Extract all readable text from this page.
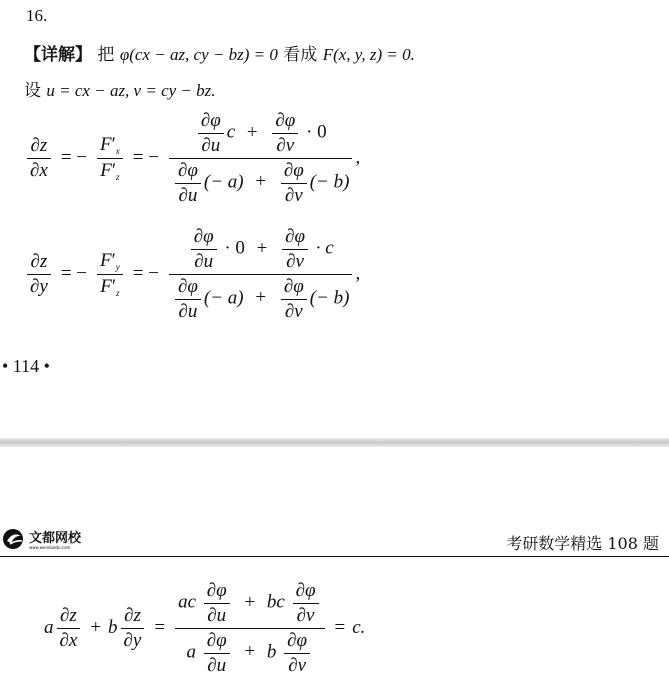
16.
【详解】 把 φ(cx − az, cy − bz) = 0 看成 F(x, y, z) = 0.
设 u = cx − az, v = cy − bz.
$\frac{\partial z}{\partial x}$ = − $\frac{F'_x}{F'_z}$ = − $\frac{\frac{\partial\varphi}{\partial u} c + \frac{\partial\varphi}{\partial v} \cdot 0}{\frac{\partial\varphi}{\partial u} (- a) + \frac{\partial\varphi}{\partial v} (- b)}$ ,
$\frac{\partial z}{\partial y}$ = − $\frac{F'_y}{F'_z}$ = − $\frac{\frac{\partial\varphi}{\partial u} \cdot 0 + \frac{\partial\varphi}{\partial v} \cdot c}{\frac{\partial\varphi}{\partial u} (- a) + \frac{\partial\varphi}{\partial v} (- b)}$ ,
• 114 •
文都网校
www.wenduedu.com	考研数学精选 108 题
a $\frac{\partial z}{\partial x} + b \frac{\partial z}{\partial y} = \frac{ac \frac{\partial\varphi}{\partial u} + bc \frac{\partial\varphi}{\partial v}}{a \frac{\partial\varphi}{\partial u} + b \frac{\partial\varphi}{\partial v}} = c$.
